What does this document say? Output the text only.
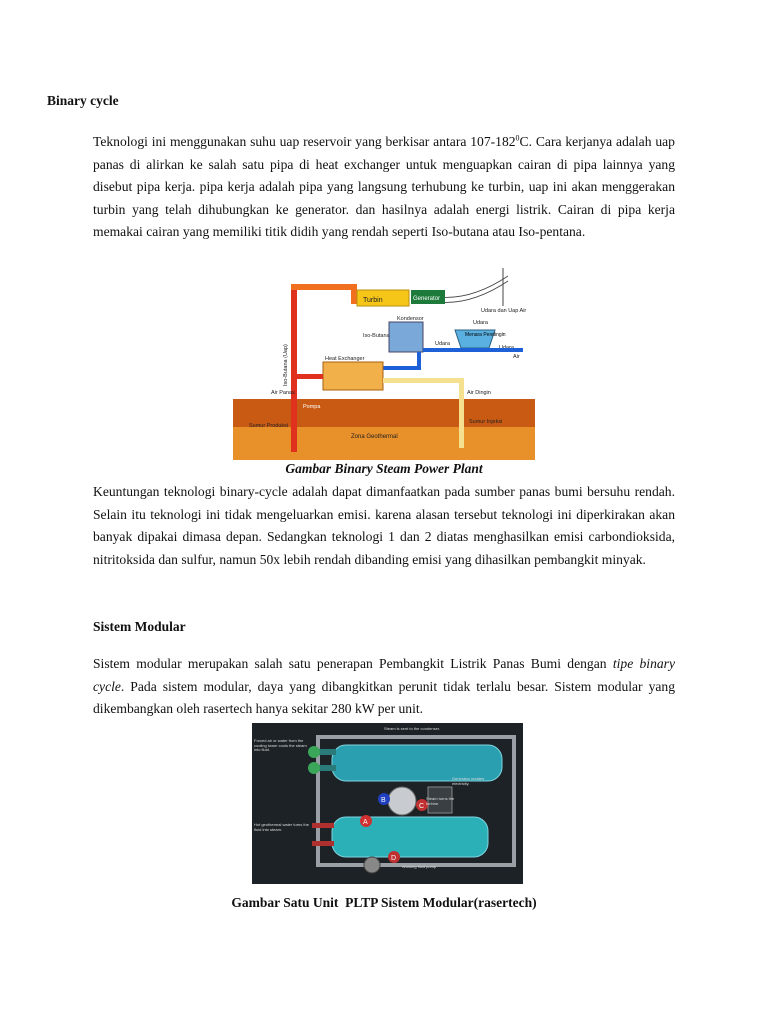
Binary cycle

Teknologi ini menggunakan suhu uap reservoir yang berkisar antara $107-182^0C$. Cara kerjanya adalah uap panas di alirkan ke salah satu pipa di heat exchanger untuk menguapkan cairan di pipa lainnya yang disebut pipa kerja. pipa kerja adalah pipa yang langsung terhubung ke turbin, uap ini akan menggerakan turbin yang telah dihubungkan ke generator. dan hasilnya adalah energi listrik. Cairan di pipa kerja memakai cairan yang memiliki titik didih yang rendah seperti Iso-butana atau Iso-pentana.

Turbin	Generator
Udara dan Uap Air
Kondensor
Iso-Butana	Menara Pendingin
Udara
Udara
Air
Heat Exchanger
Air Panas	Air Dingin
Pompa
Sumur Produksi
Zona Geothermal
Sumur Injeksi
Iso-Butana (Uap)
Gambar Binary Steam Power Plant

Keuntungan teknologi binary-cycle adalah dapat dimanfaatkan pada sumber panas bumi bersuhu rendah. Selain itu teknologi ini tidak mengeluarkan emisi. karena alasan tersebut teknologi ini diperkirakan akan banyak dipakai dimasa depan. Sedangkan teknologi 1 dan 2 diatas menghasilkan emisi carbondioksida, nitritoksida dan sulfur, namun 50x lebih rendah dibanding emisi yang dihasilkan pembangkit minyak.

Sistem Modular

Sistem modular merupakan salah satu penerapan Pembangkit Listrik Panas Bumi dengan tipe binary cycle. Pada sistem modular, daya yang dibangkitkan perunit tidak terlalu besar. Sistem modular yang dikembangkan oleh rasertech hanya sekitar 280 kW per unit.

B
A
C
D
Forced air or water from the cooling tower cools the steam into fluid.
Steam is sent to the condenser.
Generator creates electricity.
Steam turns the turbine.
Hot geothermal water turns the fluid into steam.
Working fluid pump
Gambar Satu Unit  PLTP Sistem Modular(rasertech)
